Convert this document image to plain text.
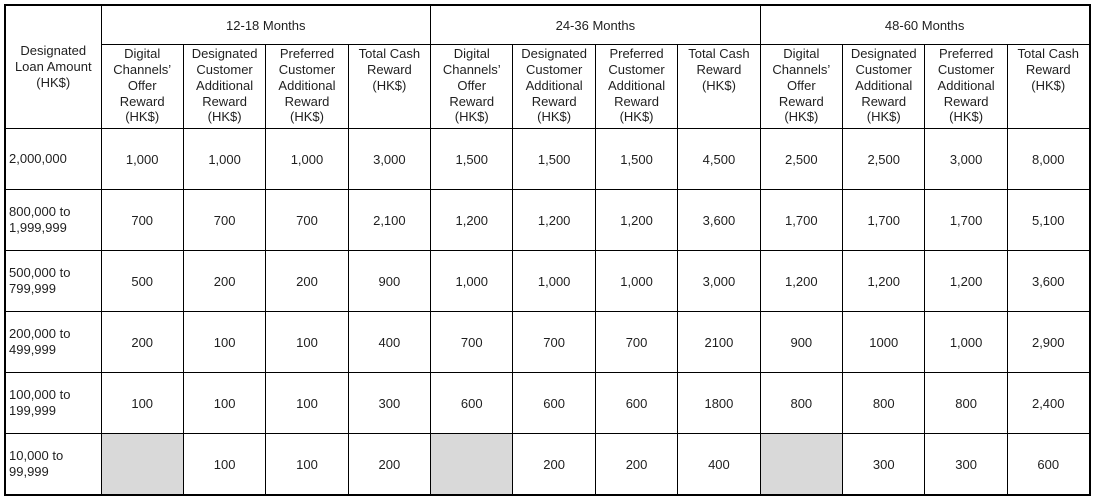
Designated
Loan Amount
(HK$)	12-18 Months				24-36 Months				48-60 Months			
	Digital
Channels’
Offer
Reward
(HK$)	Designated
Customer
Additional
Reward
(HK$)	Preferred
Customer
Additional
Reward
(HK$)	Total Cash
Reward
(HK$)	Digital
Channels’
Offer
Reward
(HK$)	Designated
Customer
Additional
Reward
(HK$)	Preferred
Customer
Additional
Reward
(HK$)	Total Cash
Reward
(HK$)	Digital
Channels’
Offer
Reward
(HK$)	Designated
Customer
Additional
Reward
(HK$)	Preferred
Customer
Additional
Reward
(HK$)	Total Cash
Reward
(HK$)
2,000,000	1,000	1,000	1,000	3,000	1,500	1,500	1,500	4,500	2,500	2,500	3,000	8,000
800,000 to
1,999,999	700	700	700	2,100	1,200	1,200	1,200	3,600	1,700	1,700	1,700	5,100
500,000 to
799,999	500	200	200	900	1,000	1,000	1,000	3,000	1,200	1,200	1,200	3,600
200,000 to
499,999	200	100	100	400	700	700	700	2100	900	1000	1,000	2,900
100,000 to
199,999	100	100	100	300	600	600	600	1800	800	800	800	2,400
10,000 to
99,999		100	100	200		200	200	400		300	300	600
